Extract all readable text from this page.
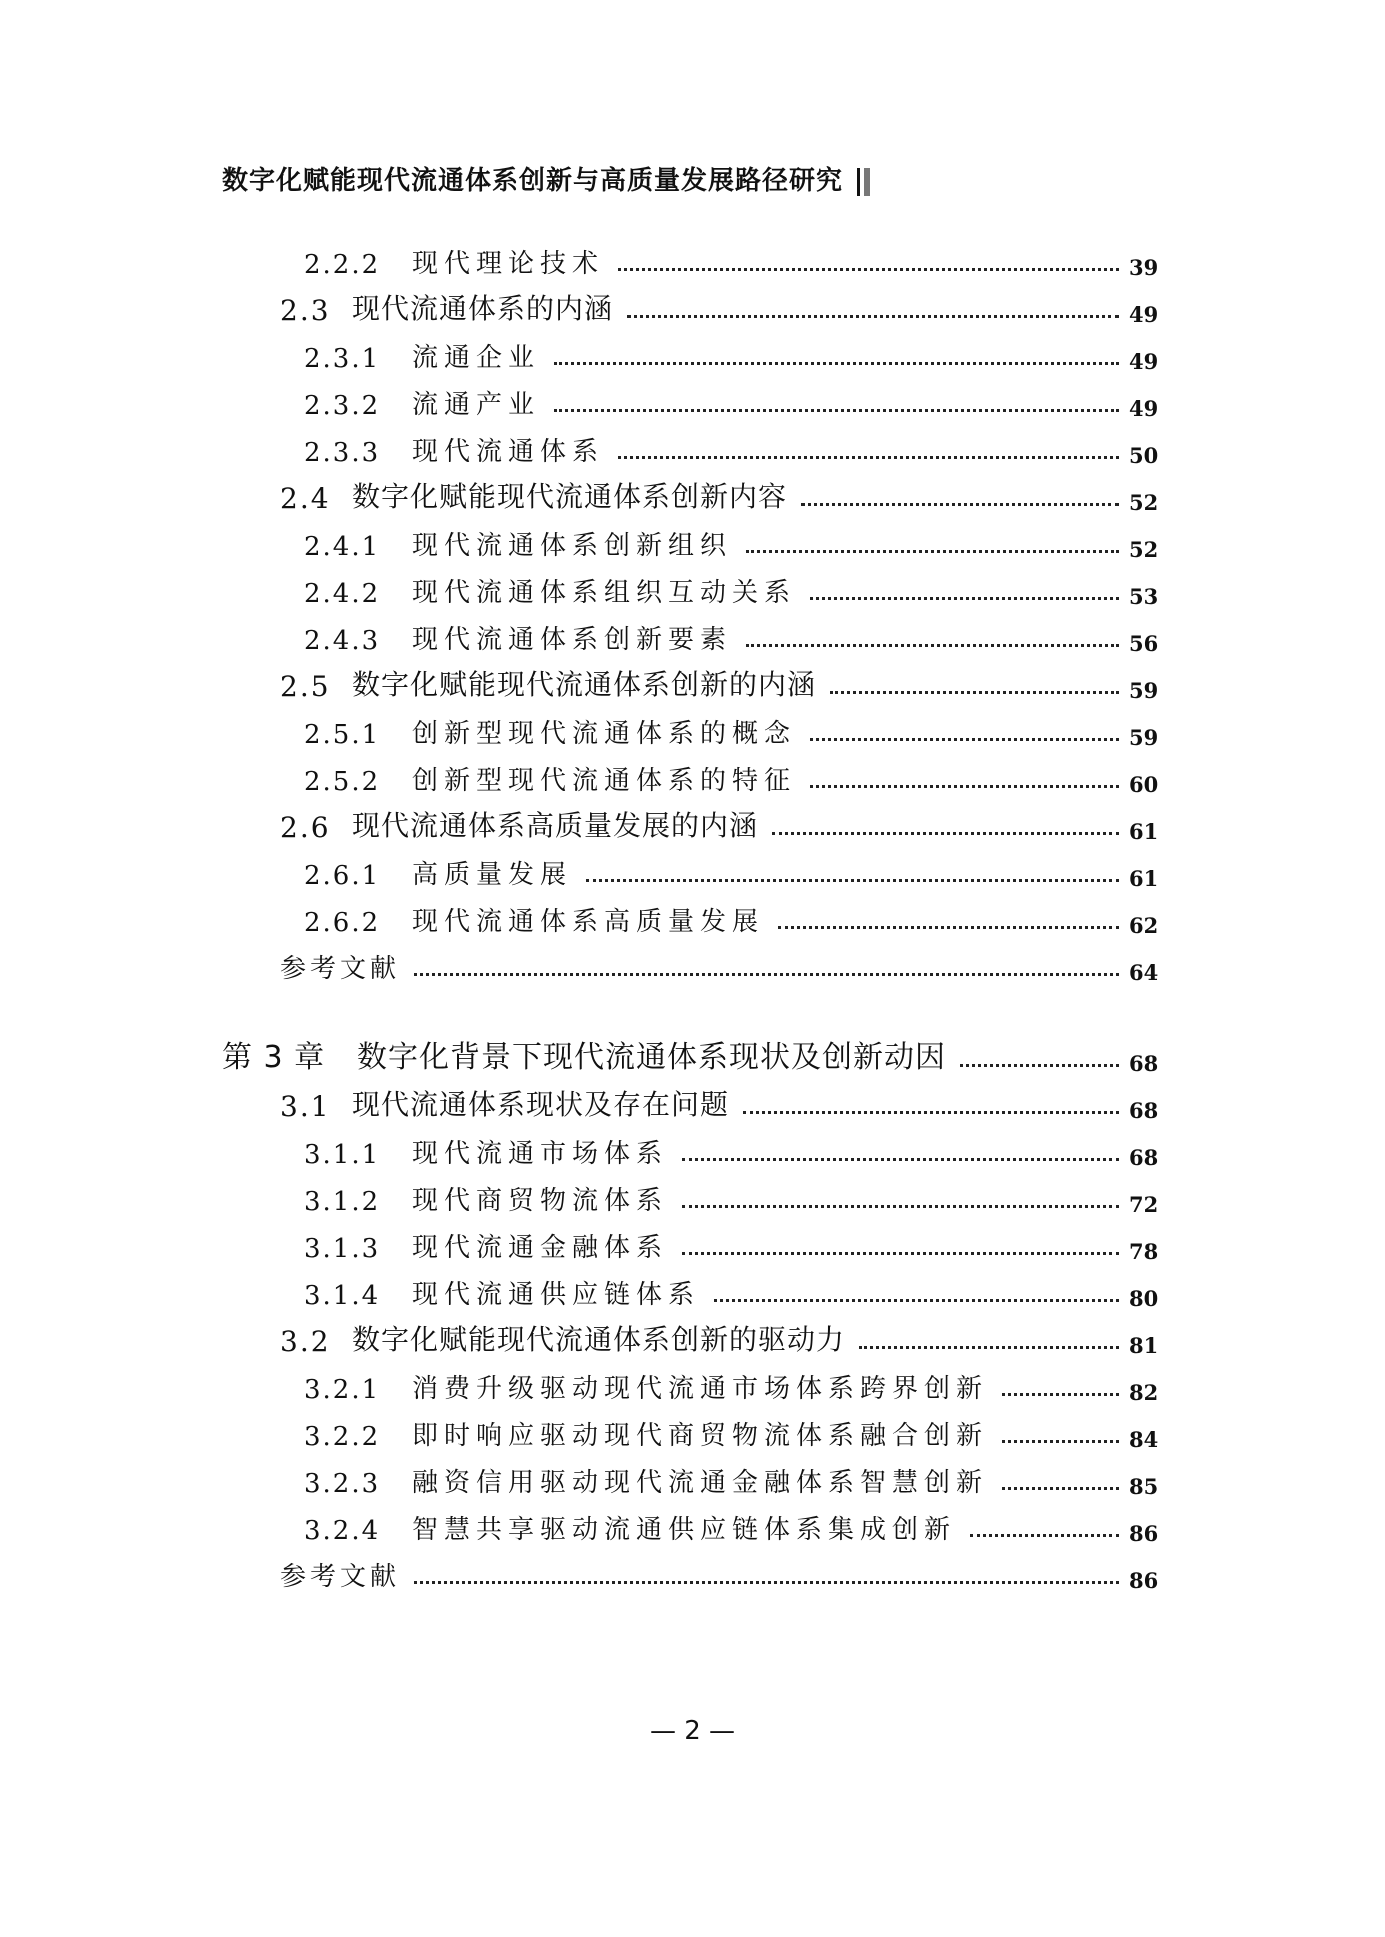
数字化赋能现代流通体系创新与高质量发展路径研究
2.2.2	现代理论技术	39
2.3 现代流通体系的内涵	49
2.3.1	流通企业	49
2.3.2	流通产业	49
2.3.3	现代流通体系	50
2.4 数字化赋能现代流通体系创新内容	52
2.4.1	现代流通体系创新组织	52
2.4.2	现代流通体系组织互动关系	53
2.4.3	现代流通体系创新要素	56
2.5 数字化赋能现代流通体系创新的内涵	59
2.5.1	创新型现代流通体系的概念	59
2.5.2	创新型现代流通体系的特征	60
2.6 现代流通体系高质量发展的内涵	61
2.6.1	高质量发展	61
2.6.2	现代流通体系高质量发展	62
参考文献	64
第 3 章	数字化背景下现代流通体系现状及创新动因	68
3.1 现代流通体系现状及存在问题	68
3.1.1	现代流通市场体系	68
3.1.2	现代商贸物流体系	72
3.1.3	现代流通金融体系	78
3.1.4	现代流通供应链体系	80
3.2 数字化赋能现代流通体系创新的驱动力	81
3.2.1	消费升级驱动现代流通市场体系跨界创新	82
3.2.2	即时响应驱动现代商贸物流体系融合创新	84
3.2.3	融资信用驱动现代流通金融体系智慧创新	85
3.2.4	智慧共享驱动流通供应链体系集成创新	86
参考文献	86
— 2 —
